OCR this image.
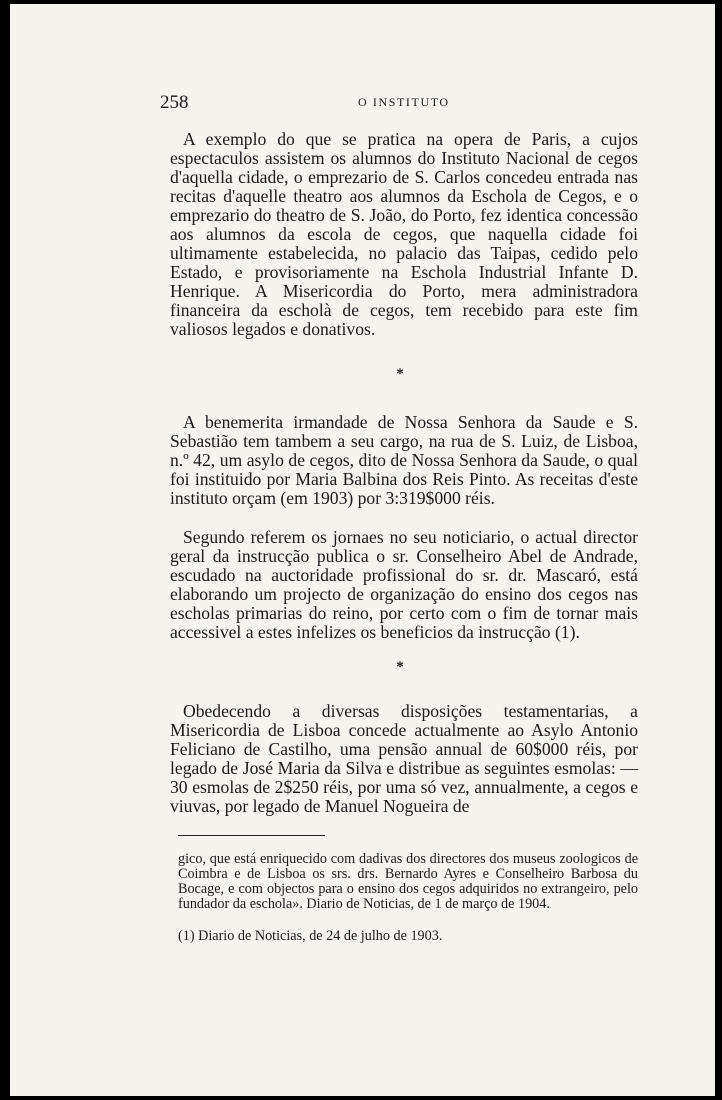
258	O INSTITUTO

A exemplo do que se pratica na opera de Paris, a cujos espectaculos assistem os alumnos do Instituto Nacional de cegos d'aquella cidade, o emprezario de S. Carlos concedeu entrada nas recitas d'aquelle theatro aos alumnos da Eschola de Cegos, e o emprezario do theatro de S. João, do Porto, fez identica concessão aos alumnos da escola de cegos, que naquella cidade foi ultimamente estabelecida, no palacio das Taipas, cedido pelo Estado, e provisoriamente na Eschola Industrial Infante D. Henrique. A Misericordia do Porto, mera administradora financeira da escholà de cegos, tem recebido para este fim valiosos legados e donativos.

*

A benemerita irmandade de Nossa Senhora da Saude e S. Sebastião tem tambem a seu cargo, na rua de S. Luiz, de Lisboa, n.º 42, um asylo de cegos, dito de Nossa Senhora da Saude, o qual foi instituido por Maria Balbina dos Reis Pinto. As receitas d'este instituto orçam (em 1903) por 3:319$000 réis.

Segundo referem os jornaes no seu noticiario, o actual director geral da instrucção publica o sr. Conselheiro Abel de Andrade, escudado na auctoridade profissional do sr. dr. Mascaró, está elaborando um projecto de organização do ensino dos cegos nas escholas primarias do reino, por certo com o fim de tornar mais accessivel a estes infelizes os beneficios da instrucção (1).

*

Obedecendo a diversas disposições testamentarias, a Misericordia de Lisboa concede actualmente ao Asylo Antonio Feliciano de Castilho, uma pensão annual de 60$000 réis, por legado de José Maria da Silva e distribue as seguintes esmolas: — 30 esmolas de 2$250 réis, por uma só vez, annualmente, a cegos e viuvas, por legado de Manuel Nogueira de

gico, que está enriquecido com dadivas dos directores dos museus zoologicos de Coimbra e de Lisboa os srs. drs. Bernardo Ayres e Conselheiro Barbosa du Bocage, e com objectos para o ensino dos cegos adquiridos no extrangeiro, pelo fundador da eschola». Diario de Noticias, de 1 de março de 1904.

(1) Diario de Noticias, de 24 de julho de 1903.
